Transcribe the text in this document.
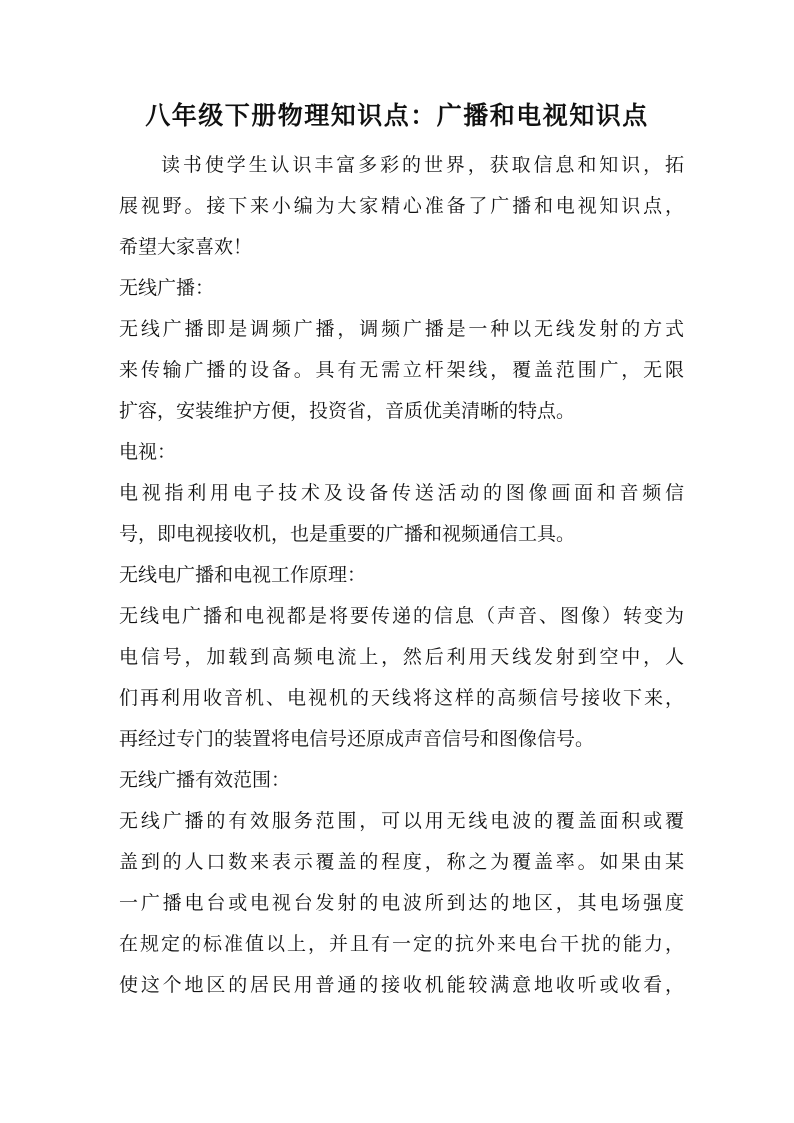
八年级下册物理知识点：广播和电视知识点
读书使学生认识丰富多彩的世界，获取信息和知识，拓
展视野。接下来小编为大家精心准备了广播和电视知识点，
希望大家喜欢！
无线广播：
无线广播即是调频广播，调频广播是一种以无线发射的方式
来传输广播的设备。具有无需立杆架线，覆盖范围广，无限
扩容，安装维护方便，投资省，音质优美清晰的特点。
电视：
电视指利用电子技术及设备传送活动的图像画面和音频信
号，即电视接收机，也是重要的广播和视频通信工具。
无线电广播和电视工作原理：
无线电广播和电视都是将要传递的信息（声音、图像）转变为
电信号，加载到高频电流上，然后利用天线发射到空中，人
们再利用收音机、电视机的天线将这样的高频信号接收下来，
再经过专门的装置将电信号还原成声音信号和图像信号。
无线广播有效范围：
无线广播的有效服务范围，可以用无线电波的覆盖面积或覆
盖到的人口数来表示覆盖的程度，称之为覆盖率。如果由某
一广播电台或电视台发射的电波所到达的地区，其电场强度
在规定的标准值以上，并且有一定的抗外来电台干扰的能力，
使这个地区的居民用普通的接收机能较满意地收听或收看，
